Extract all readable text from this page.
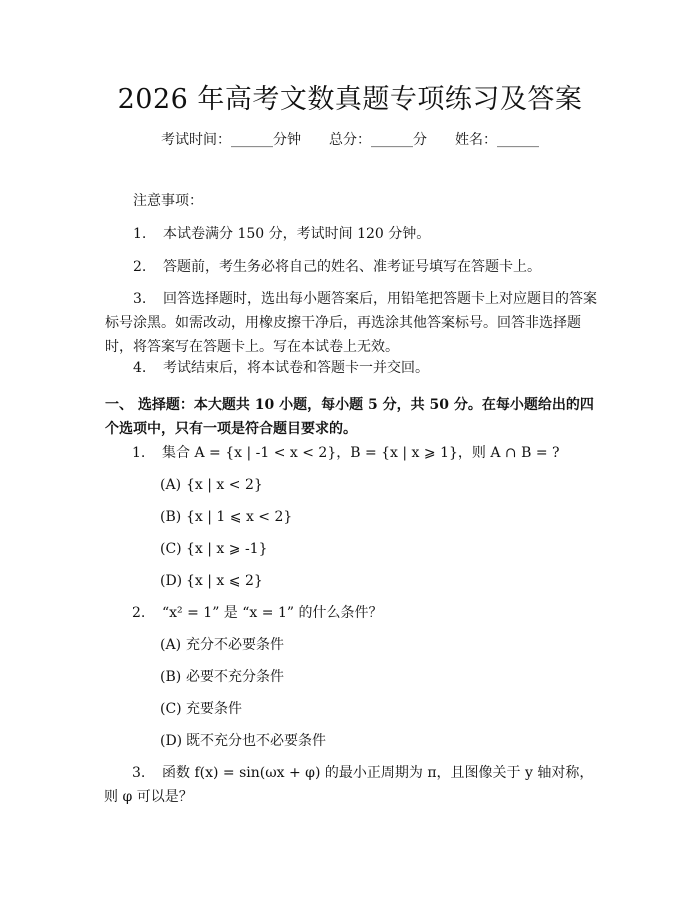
2026 年高考文数真题专项练习及答案
考试时间：______分钟 总分：______分 姓名：______
注意事项：
1. 本试卷满分 150 分，考试时间 120 分钟。
2. 答题前，考生务必将自己的姓名、准考证号填写在答题卡上。
3. 回答选择题时，选出每小题答案后，用铅笔把答题卡上对应题目的答案标号涂黑。如需改动，用橡皮擦干净后，再选涂其他答案标号。回答非选择题时，将答案写在答题卡上。写在本试卷上无效。
4. 考试结束后，将本试卷和答题卡一并交回。
一、 选择题：本大题共 10 小题，每小题 5 分，共 50 分。在每小题给出的四个选项中，只有一项是符合题目要求的。
1. 集合 A = {x | -1 < x < 2}，B = {x | x ⩾ 1}，则 A ∩ B = ?
(A) {x | x < 2}
(B) {x | 1 ⩽ x < 2}
(C) {x | x ⩾ -1}
(D) {x | x ⩽ 2}
2. “x² = 1” 是 “x = 1” 的什么条件？
(A) 充分不必要条件
(B) 必要不充分条件
(C) 充要条件
(D) 既不充分也不必要条件
3. 函数 f(x) = sin(ωx + φ) 的最小正周期为 π，且图像关于 y 轴对称，则 φ 可以是？
